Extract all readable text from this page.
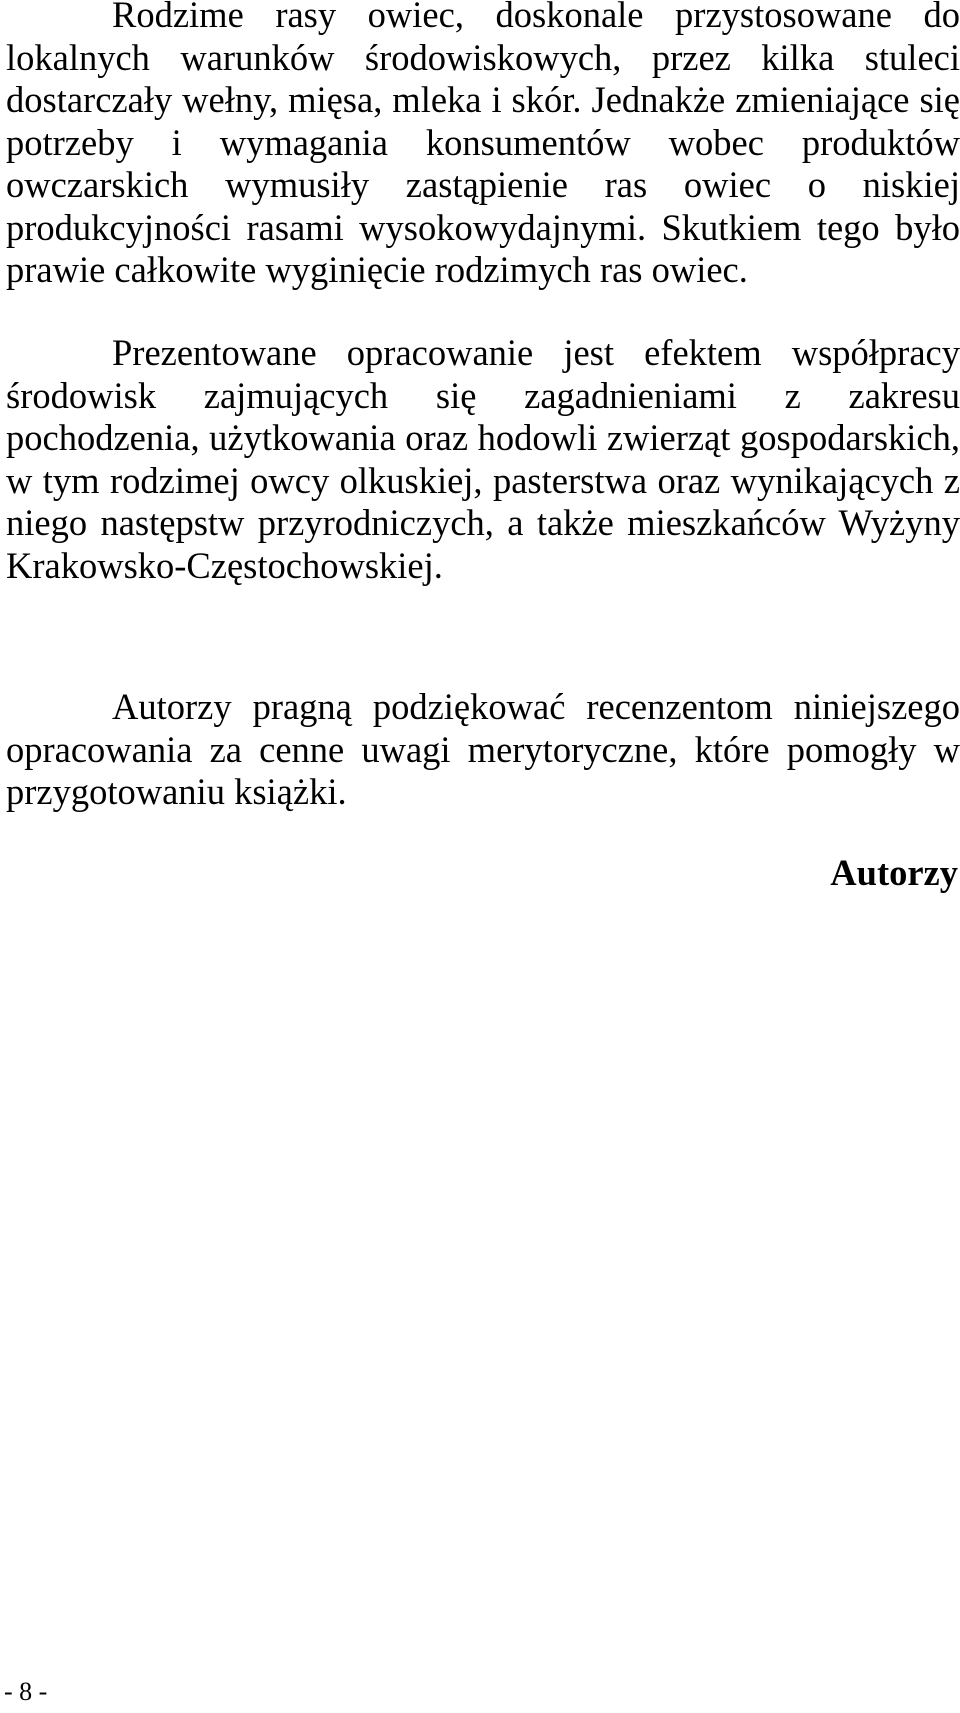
Rodzime rasy owiec, doskonale przystosowane do lokalnych warunków środowiskowych, przez kilka stuleci dostarczały wełny, mięsa, mleka i skór. Jednakże zmieniające się potrzeby i wymagania konsumentów wobec produktów owczarskich wymusiły zastąpienie ras owiec o niskiej produkcyjności rasami wysokowydajnymi. Skutkiem tego było prawie całkowite wyginięcie rodzimych ras owiec.

Prezentowane opracowanie jest efektem współpracy środowisk zajmujących się zagadnieniami z zakresu pochodzenia, użytkowania oraz hodowli zwierząt gospodarskich, w tym rodzimej owcy olkuskiej, pasterstwa oraz wynikających z niego następstw przyrodniczych, a także mieszkańców Wyżyny Krakowsko-Częstochowskiej.

Autorzy pragną podziękować recenzentom niniejszego opracowania za cenne uwagi merytoryczne, które pomogły w przygotowaniu książki.

Autorzy

- 8 -
